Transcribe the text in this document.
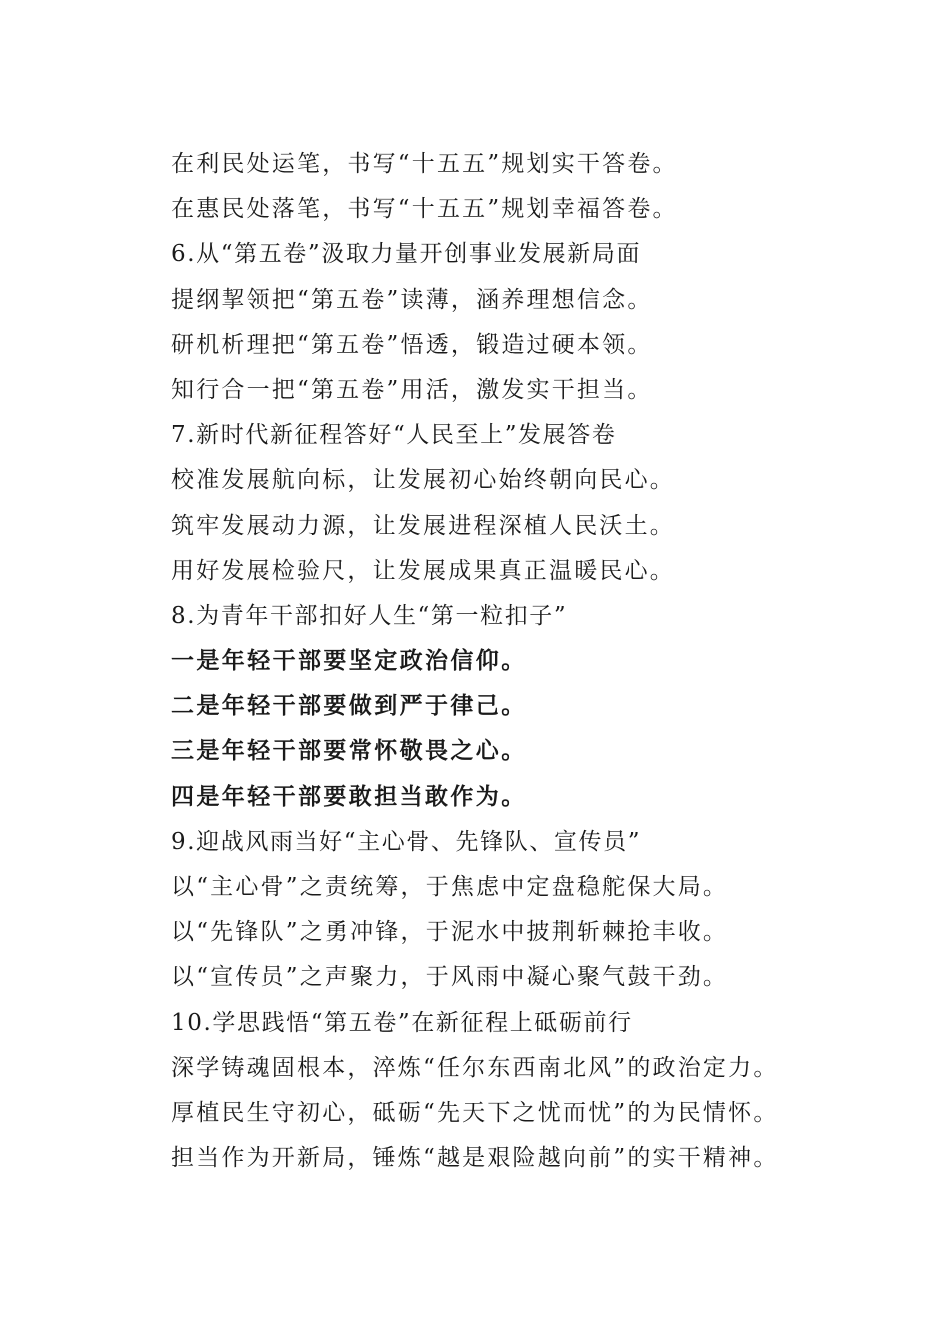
在利民处运笔，书写“十五五”规划实干答卷。
在惠民处落笔，书写“十五五”规划幸福答卷。
6.从“第五卷”汲取力量开创事业发展新局面
提纲挈领把“第五卷”读薄，涵养理想信念。
研机析理把“第五卷”悟透，锻造过硬本领。
知行合一把“第五卷”用活，激发实干担当。
7.新时代新征程答好“人民至上”发展答卷
校准发展航向标，让发展初心始终朝向民心。
筑牢发展动力源，让发展进程深植人民沃土。
用好发展检验尺，让发展成果真正温暖民心。
8.为青年干部扣好人生“第一粒扣子”
一是年轻干部要坚定政治信仰。
二是年轻干部要做到严于律己。
三是年轻干部要常怀敬畏之心。
四是年轻干部要敢担当敢作为。
9.迎战风雨当好“主心骨、先锋队、宣传员”
以“主心骨”之责统筹，于焦虑中定盘稳舵保大局。
以“先锋队”之勇冲锋，于泥水中披荆斩棘抢丰收。
以“宣传员”之声聚力，于风雨中凝心聚气鼓干劲。
10.学思践悟“第五卷”在新征程上砥砺前行
深学铸魂固根本，淬炼“任尔东西南北风”的政治定力。
厚植民生守初心，砥砺“先天下之忧而忧”的为民情怀。
担当作为开新局，锤炼“越是艰险越向前”的实干精神。
